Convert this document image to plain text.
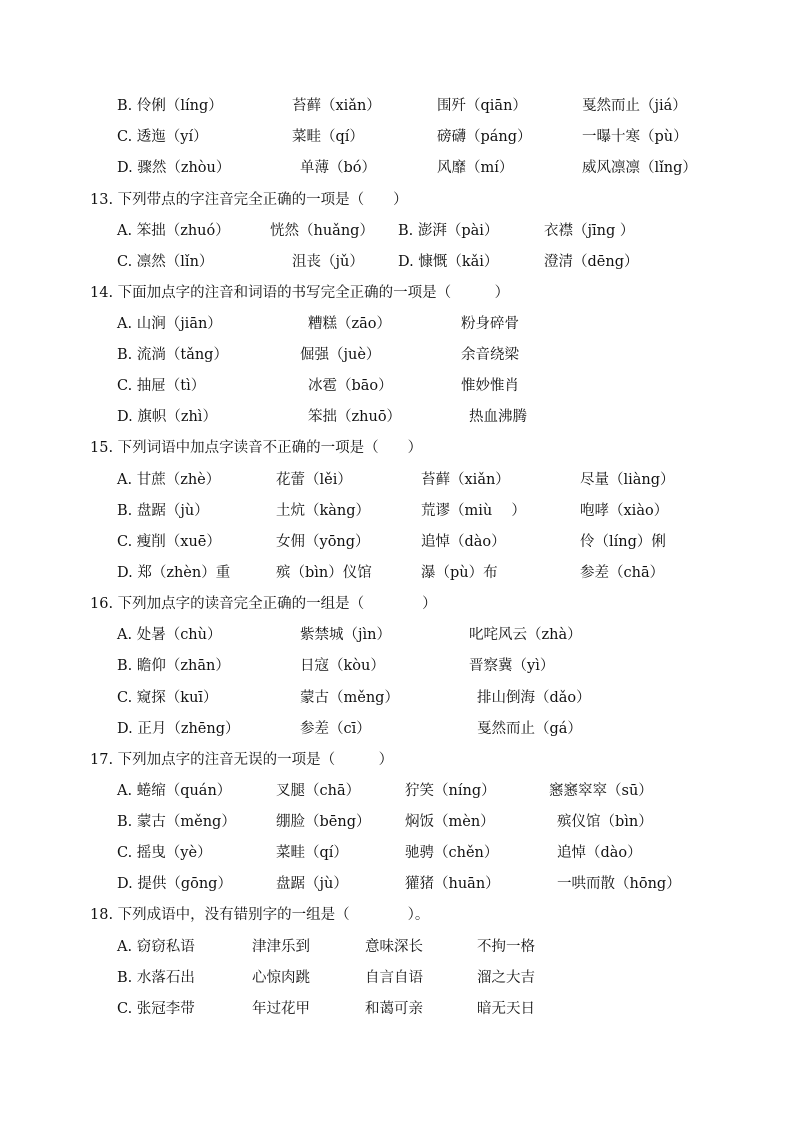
B. 伶俐（líng）	苔藓（xiǎn）	围歼（qiān）	戛然而止（jiá）
C. 透迤（yí）	菜畦（qí）	磅礴（páng）	一曝十寒（pù）
D. 骤然（zhòu）	单薄（bó）	风靡（mí）	威风凛凛（lǐng）
13. 下列带点的字注音完全正确的一项是（　　）
A. 笨拙（zhuó）	恍然（huǎng） B. 澎湃（pài）	衣襟（jīng ）
C. 凛然（lǐn）	沮丧（jǔ） D. 慷慨（kǎi）	澄清（dēng）
14. 下面加点字的注音和词语的书写完全正确的一项是（　　　）
A. 山涧（jiān）	糟糕（zāo）	粉身碎骨
B. 流淌（tǎng）	倔强（juè）	余音绕梁
C. 抽屉（tì）	冰雹（bāo）	惟妙惟肖
D. 旗帜（zhì）	笨拙（zhuō）	热血沸腾
15. 下列词语中加点字读音不正确的一项是（　　）
A. 甘蔗（zhè）	花蕾（lěi）	苔藓（xiǎn）	尽量（liàng）
B. 盘踞（jù）	土炕（kàng）	荒谬（miù　 ）	咆哮（xiào）
C. 瘦削（xuē）	女佣（yōng）	追悼（dào）	伶（líng）俐
D. 郑（zhèn）重	殡（bìn）仪馆	瀑（pù）布	参差（chā）
16. 下列加点字的读音完全正确的一组是（　　　　）
A. 处暑（chù）	紫禁城（jìn）	叱咤风云（zhà）
B. 瞻仰（zhān）	日寇（kòu）	晋察冀（yì）
C. 窥探（kuī）	蒙古（měng）	排山倒海（dǎo）
D. 正月（zhēng）	参差（cī）	戛然而止（gá）
17. 下列加点字的注音无误的一项是（　　　）
A. 蜷缩（quán）	叉腿（chā）	狞笑（níng）	窸窸窣窣（sū）
B. 蒙古（měng）	绷脸（bēng） 焖饭（mèn）	殡仪馆（bìn）
C. 摇曳（yè）	菜畦（qí）	驰骋（chěn）	追悼（dào）
D. 提供（gōng）	盘踞（jù）	獾猪（huān）	一哄而散（hōng）
18. 下列成语中，没有错别字的一组是（　　　　）。
A. 窃窃私语	津津乐到	意味深长	不拘一格
B. 水落石出	心惊肉跳	自言自语	溜之大吉
C. 张冠李带	年过花甲	和蔼可亲	暗无天日
